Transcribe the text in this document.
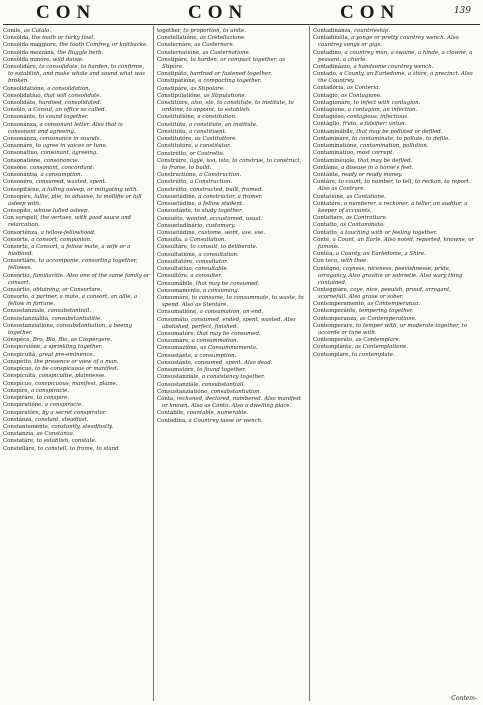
CON	CON	CON	139
Coníle, as Catálo.
Consòlda, the ioath or turky fowl.
Consòlda maggiore, the tooth Comfrey, or knitbacke.
Consòlda mezzána, the Buggle herb.
Consòlda minóre, wild daisie.
Consolidáre, to consolidate, to harden, to confirme, to establish, and make whole and sound what was broken.
Consolidatióne, a consolidation.
Consolidatíuo, that will consolidate.
Consolidáto, hardned, consolidated.
Consòlo, a Consul, an office so called.
Consonánte, to sound together.
Consonánza, a consonant letter. Also that is consonant and agreeing.
Consonánza, consonance in sounds.
Consonáre, to agree in voices or tune.
Consonatiuo, consonant, agreeing.
Consonatióne, consonancie.
Consòne, consonant, concordant.
Consonántia, a consumption.
Consonére, consumed, wasted, spent.
Consopitiéne, a lulling asleep, or mitigating with.
Consopíre, lullie, plie, to aduaise, to mollifie or lull asleep with.
Consopíto, whose lulled asleep.
Con sorspeli, the vertues, with good sauce and relarcation.
Consorténza, a fellow-fellowhood.
Consorte, a consort, companion.
Consorte, a Consort, a fellow mate, a wife or a husband.
Consortiáre, to accompanie, consorting together, fellowes.
Consórtio, familiaritie. Also one of the same family or consort.
Consórtio, obtaining, or Consortare.
Consorto, a partner, a mate, a consort, an allie, a fellow in fortune.
Consostanziale, consubstantiall.
Consostanzialità, consubstantialitie.
Consostanziatióne, consubstantiation, a beeing together.
Cónspéce, Bro, Blo, Rio, as Cospérgere.
Conspersióne, a sprinkling together.
Conspicuità, great pre-eminence.
Conspétto, the presence or view of a man.
Conspícuo, to be conspicuous or manifest.
Conspícuità, conspicuitie, plainnesse.
Conspícuo, conspicuous, manifest, plaine.
Conspíre, a conspiracie.
Conspiráre, to conspire.
Conspiratióne, a conspiracie.
Conspiratóre, by a secret conspirator.
Constánza, constant, steadfast.
Constantemente, constantly, steadfastly.
Constanzía, as Constánza.
Constatáre, to establish, constate.
Constelláre, to constell, to frame, to stand
together, to proportion, to unite.
Constellatióne, as Costellazione.
Consternáre, as Costernare.
Consternatióne, as Costernatione.
Constipáre, to harden, or compact together, as Stipáre.
Constipáto, hardned or fastened together.
Constipatióne, a compacting together.
Constipáre, as Stipolare.
Constipulatióne, as Stipulatione.
Constitúire, also, sto, to constitute, to institute, to ordaine, to appoint, to establish.
Constitutióne, a constitution.
Constitúto, a constitute, an institute.
Constitúto, a constituent.
Constitutóre, as Castituttore.
Constitutóre, a constitutor.
Constrétto, or Costretto.
Constrúire, ügyé, issi, isto, to construe, to construct, to frame, to build.
Constructióne, a Construction.
Constrútto, a Construction.
Constrútto, constructed, built, framed.
Consuetúdine, a constructor, a framer.
Consuetúdine, a fellow student.
Consustánte, to study together.
Consuéto, wonted, accustomed, usual.
Consuetudinário, customary.
Consuetúdine, custome, wont, use, vse.
Consulta, a Consultation.
Consultáre, to consult, to deliberate.
Consultatióne, a consultation.
Consultatóre, consultator.
Consultatíuo, consultable.
Consultóre, a consulter.
Consumábile, that may be consumed.
Consumamento, a consuming.
Consumáre, to consume, to consummate, to waste, to spend. Also as Stentáre.
Consumatióne, a consumation, an end.
Consumáto, consumed, ended, spent, wasted. Also abolished, perfect, finished.
Consumatóre, that may be consumed.
Consumáre, a consummation.
Consumazióne, as Consummamento.
Consustánte, a consumption.
Consustánte, consumed, spent. Also dead.
Consumatóre, to found together.
Consustanziále, a consistency together.
Consustanziále, consubstantiall.
Consustanziatióne, consubstantiation.
Cónta, reckoned, declared, numbered. Also manifest or known. Also as Cónto. Also a dwelling place.
Contábile, countable, numerable.
Contadína, a Countrey lasse or wench.
Contadinánza, countrieship.
Contadinélla, a yonge or pretty countrey wench. Also countrey songs or gigs.
Contadino, a countrey man, a swaine, a hinde, a clowne, a peasant, a churle.
Contadinázzo, a handsome countrey wench.
Contado, a County, an Earledome, a shire, a precinct. Also the Countrey.
Contadória, as Conteria.
Contagio, as Contagione.
Contagionare, to infect with contagion.
Contagione, a contagion, an infection.
Contagióso, contagious, infectious.
Contáglio, fruto, a falsifier; vntun.
Contaminábile, that may be polluted or defiled.
Contaminare, to contaminate, to pollute, to defile.
Contaminatióne, contamination, pollution.
Contaminatiuo, most corrupt.
Contaminéuole, that may be defiled.
Contámo, a disease in a horse's feet.
Contánte, ready or ready money.
Contáre, to count, to number, to tell, to reckon, to report. Also as Contrare.
Contatióne, as Contatione.
Contatóre, a numberer, a reckoner, a teller, an auditor, a keeper of accounts.
Contattare, as Contrattare.
Contatto, as Contaminato.
Contatto, a touching with or feeling together.
Cónte, a Count, an Earle. Also noted, reported, knowne, or famous.
Contéa, a County, an Earledome, a Shire.
Con teco, with thee.
Contégno, coyness, niceness, peevishnesse, pride, arrogancy. Also gravitie or sobrietie. Also wary thing contained.
Conteggiáre, coye, nice, peeuish, proud, arrogant, scornefull. Also graue or sober.
Contemperamento, as Contemperanza.
Contemperánte, tempering together.
Contemperanza, as Contemperatione.
Contemperare, to temper with, or moderate together, to accorde or tune with.
Contemperáto, as Contemplare.
Contemplánte, as Contemplatione.
Contemplare, to contemplate.
Contem-
